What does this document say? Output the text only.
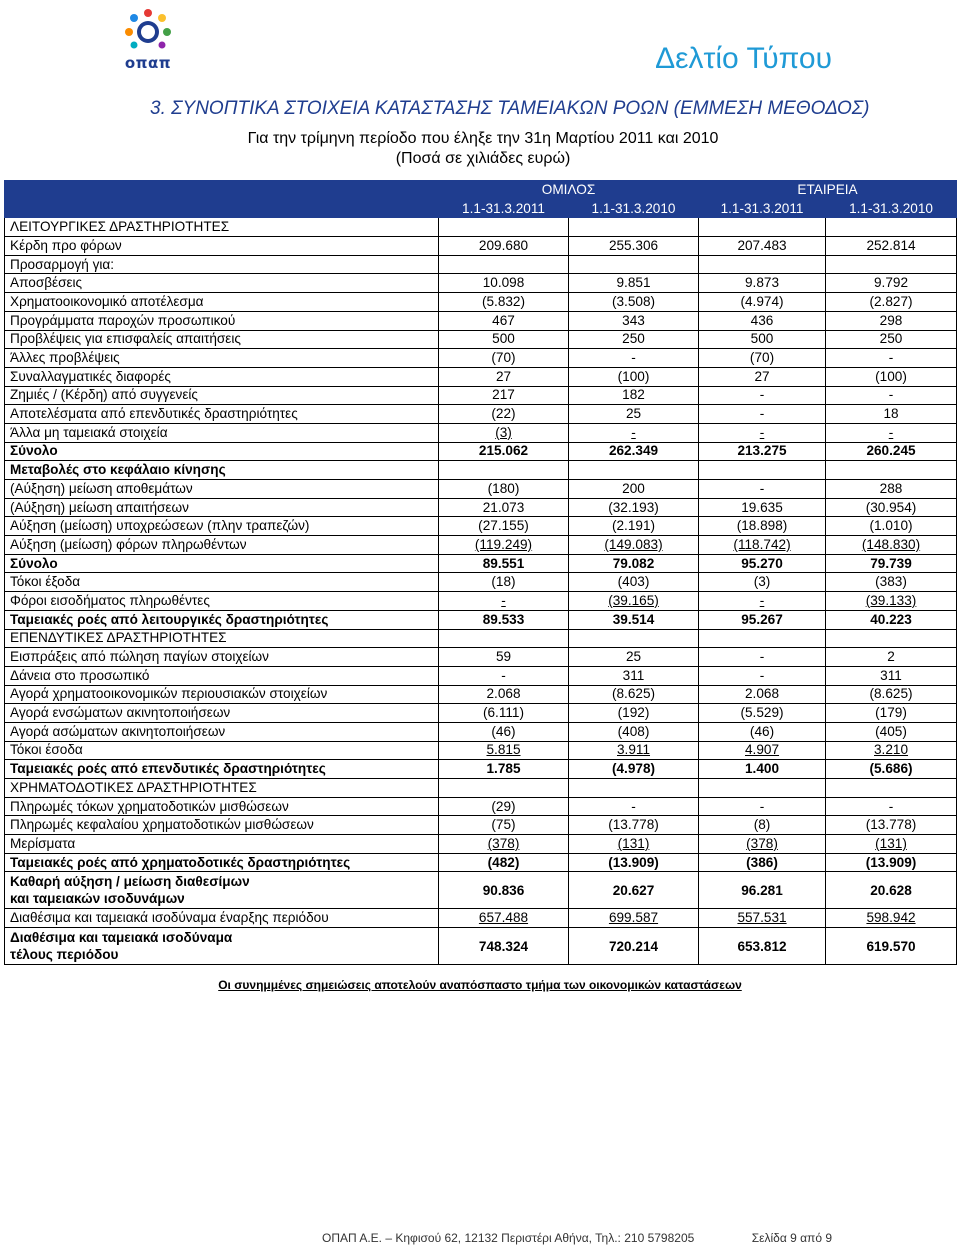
οπαπ	Δελτίο Τύπου
3. ΣΥΝΟΠΤΙΚΑ ΣΤΟΙΧΕΙΑ ΚΑΤΑΣΤΑΣΗΣ ΤΑΜΕΙΑΚΩΝ ΡΟΩΝ (ΕΜΜΕΣΗ ΜΕΘΟΔΟΣ)
Για την τρίμηνη περίοδο που έληξε την 31η Μαρτίου 2011 και 2010
(Ποσά σε χιλιάδες ευρώ)
	ΟΜΙΛΟΣ		ΕΤΑΙΡΕΙΑ	
	1.1-31.3.2011	1.1-31.3.2010	1.1-31.3.2011	1.1-31.3.2010
ΛΕΙΤΟΥΡΓΙΚΕΣ ΔΡΑΣΤΗΡΙΟΤΗΤΕΣ				
Κέρδη προ φόρων	209.680	255.306	207.483	252.814
Προσαρμογή για:				
Αποσβέσεις	10.098	9.851	9.873	9.792
Χρηματοοικονομικό αποτέλεσμα	(5.832)	(3.508)	(4.974)	(2.827)
Προγράμματα παροχών προσωπικού	467	343	436	298
Προβλέψεις για επισφαλείς απαιτήσεις	500	250	500	250
Άλλες προβλέψεις	(70)	-	(70)	-
Συναλλαγματικές διαφορές	27	(100)	27	(100)
Ζημιές / (Κέρδη) από συγγενείς	217	182	-	-
Αποτελέσματα από επενδυτικές δραστηριότητες	(22)	25	-	18
Άλλα μη ταμειακά στοιχεία	(3)	-	-	-
Σύνολο	215.062	262.349	213.275	260.245
Μεταβολές στο κεφάλαιο κίνησης				
(Αύξηση) μείωση αποθεμάτων	(180)	200	-	288
(Αύξηση) μείωση απαιτήσεων	21.073	(32.193)	19.635	(30.954)
Αύξηση (μείωση) υποχρεώσεων (πλην τραπεζών)	(27.155)	(2.191)	(18.898)	(1.010)
Αύξηση (μείωση) φόρων πληρωθέντων	(119.249)	(149.083)	(118.742)	(148.830)
Σύνολο	89.551	79.082	95.270	79.739
Τόκοι έξοδα	(18)	(403)	(3)	(383)
Φόροι εισοδήματος πληρωθέντες	-	(39.165)	-	(39.133)
Ταμειακές ροές από λειτουργικές δραστηριότητες	89.533	39.514	95.267	40.223
ΕΠΕΝΔΥΤΙΚΕΣ ΔΡΑΣΤΗΡΙΟΤΗΤΕΣ				
Εισπράξεις από πώληση παγίων στοιχείων	59	25	-	2
Δάνεια στο προσωπικό	-	311	-	311
Αγορά χρηματοοικονομικών περιουσιακών στοιχείων	2.068	(8.625)	2.068	(8.625)
Αγορά ενσώματων ακινητοποιήσεων	(6.111)	(192)	(5.529)	(179)
Αγορά ασώματων ακινητοποιήσεων	(46)	(408)	(46)	(405)
Τόκοι έσοδα	5.815	3.911	4.907	3.210
Ταμειακές ροές από επενδυτικές δραστηριότητες	1.785	(4.978)	1.400	(5.686)
ΧΡΗΜΑΤΟΔΟΤΙΚΕΣ ΔΡΑΣΤΗΡΙΟΤΗΤΕΣ				
Πληρωμές τόκων χρηματοδοτικών μισθώσεων	(29)	-	-	-
Πληρωμές κεφαλαίου χρηματοδοτικών μισθώσεων	(75)	(13.778)	(8)	(13.778)
Μερίσματα	(378)	(131)	(378)	(131)
Ταμειακές ροές από χρηματοδοτικές δραστηριότητες	(482)	(13.909)	(386)	(13.909)
Καθαρή αύξηση / μείωση διαθεσίμων
και ταμειακών ισοδυνάμων	90.836	20.627	96.281	20.628
Διαθέσιμα και ταμειακά ισοδύναμα έναρξης περιόδου	657.488	699.587	557.531	598.942
Διαθέσιμα και ταμειακά ισοδύναμα
τέλους περιόδου	748.324	720.214	653.812	619.570
Οι συνημμένες σημειώσεις αποτελούν αναπόσπαστο τμήμα των οικονομικών καταστάσεων
ΟΠΑΠ Α.Ε. – Κηφισού 62, 12132 Περιστέρι Αθήνα, Τηλ.: 210 5798205	Σελίδα 9 από 9
